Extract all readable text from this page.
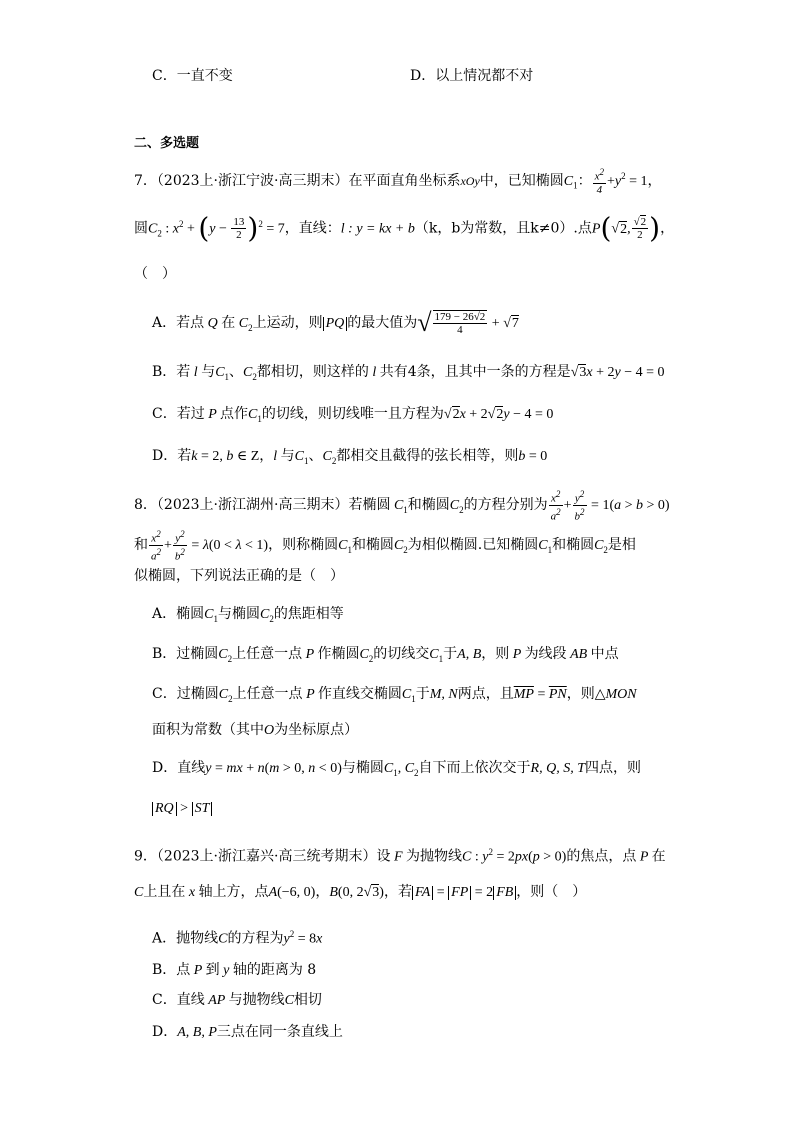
C．一直不变	D．以上情况都不对
二、多选题
7．（2023上·浙江宁波·高三期末）在平面直角坐标系xOy中，已知椭圆$C_1$： $\frac{x^2}{4} +y^2 = 1$，
圆$C_2$ : $x^2 + (y - \frac{13}{2} )^2 = 7$，直线：l : y = kx + b（k，b为常数，且k≠0）.点P(√2, $\frac{√2}{2}$ )，
（　）
A．若点 Q 在 $C_2$上运动，则 PQ 的最大值为√ $\frac{179 - 26√2}{4} + √7$
B．若 l 与$C_1$、$C_2$都相切，则这样的 l 共有4条，且其中一条的方程是√3x + 2y − 4 = 0
C．若过 P 点作$C_1$的切线，则切线唯一且方程为√2x + 2√2y − 4 = 0
D．若k = 2, b ∈ Z，l 与$C_1$、$C_2$都相交且截得的弦长相等，则b = 0
8．（2023上·浙江湖州·高三期末）若椭圆 $C_1$和椭圆$C_2$的方程分别为 $\frac{x^2}{a^2} + \frac{y^2}{b^2} = 1(a > b > 0)$
和 $\frac{x^2}{a^2} + \frac{y^2}{b^2} = \lambda(0 < \lambda < 1)$，则称椭圆$C_1$和椭圆$C_2$为相似椭圆.已知椭圆$C_1$和椭圆$C_2$是相
似椭圆，下列说法正确的是（　）
A．椭圆$C_1$与椭圆$C_2$的焦距相等
B．过椭圆$C_2$上任意一点 P 作椭圆$C_2$的切线交$C_1$于A, B，则 P 为线段 AB 中点
C．过椭圆$C_2$上任意一点 P 作直线交椭圆$C_1$于M, N两点，且$\overline{MP} = \overline{PN}$，则△MON
面积为常数（其中O为坐标原点）
D．直线y = mx + n(m > 0, n < 0)与椭圆$C_1$, $C_2$自下而上依次交于R, Q, S, T四点，则
RQ > ST
9．（2023上·浙江嘉兴·高三统考期末）设 F 为抛物线C : $y^2 = 2px(p > 0)$的焦点，点 P 在
C上且在 x 轴上方，点A(−6, 0)，B(0, 2√3)，若 FA = FP = 2 FB ，则（　）
A．抛物线C的方程为$y^2 = 8x$
B．点 P 到 y 轴的距离为 8
C．直线 AP 与抛物线C相切
D．A, B, P三点在同一条直线上
